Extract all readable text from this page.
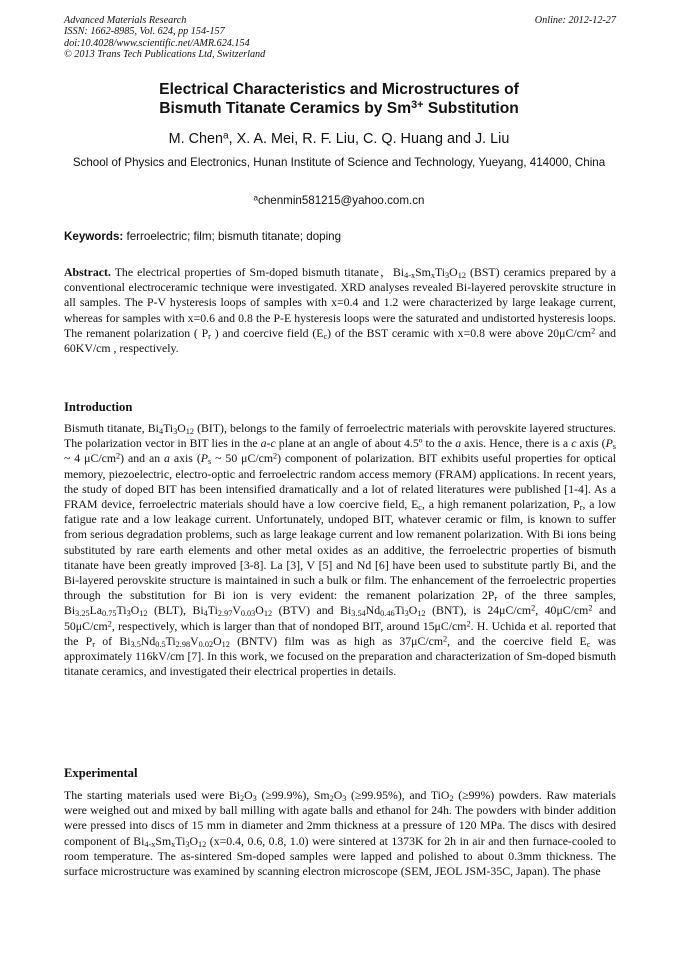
Advanced Materials Research
ISSN: 1662-8985, Vol. 624, pp 154-157
doi:10.4028/www.scientific.net/AMR.624.154
© 2013 Trans Tech Publications Ltd, Switzerland
Online: 2012-12-27
Electrical Characteristics and Microstructures of
Bismuth Titanate Ceramics by $Sm^{3+}$ Substitution
M. Chen$^a$, X. A. Mei, R. F. Liu, C. Q. Huang and J. Liu
School of Physics and Electronics, Hunan Institute of Science and Technology, Yueyang, 414000, China
$^a$chenmin581215@yahoo.com.cn
Keywords: ferroelectric; film; bismuth titanate; doping
Abstract. The electrical properties of Sm-doped bismuth titanate，$Bi_{4-x}Sm_xTi_3O_{12}$ (BST) ceramics prepared by a conventional electroceramic technique were investigated. XRD analyses revealed Bi-layered perovskite structure in all samples. The P-V hysteresis loops of samples with x=0.4 and 1.2 were characterized by large leakage current, whereas for samples with x=0.6 and 0.8 the P-E hysteresis loops were the saturated and undistorted hysteresis loops. The remanent polarization ( $P_r$ ) and coercive field $(E_c)$ of the BST ceramic with x=0.8 were above $20\mu C/cm^2$ and 60KV/cm , respectively.
Introduction
Bismuth titanate, $Bi_4Ti_3O_{12}$ (BIT), belongs to the family of ferroelectric materials with perovskite layered structures. The polarization vector in BIT lies in the a-c plane at an angle of about 4.5º to the a axis. Hence, there is a c axis ($P_s$ ~ 4 $\mu C/cm^2$) and an a axis ($P_s$ ~ 50 $\mu C/cm^2$) component of polarization. BIT exhibits useful properties for optical memory, piezoelectric, electro-optic and ferroelectric random access memory (FRAM) applications. In recent years, the study of doped BIT has been intensified dramatically and a lot of related literatures were published [1-4]. As a FRAM device, ferroelectric materials should have a low coercive field, $E_c$, a high remanent polarization, $P_r$, a low fatigue rate and a low leakage current. Unfortunately, undoped BIT, whatever ceramic or film, is known to suffer from serious degradation problems, such as large leakage current and low remanent polarization. With Bi ions being substituted by rare earth elements and other metal oxides as an additive, the ferroelectric properties of bismuth titanate have been greatly improved [3-8]. La [3], V [5] and Nd [6] have been used to substitute partly Bi, and the Bi-layered perovskite structure is maintained in such a bulk or film. The enhancement of the ferroelectric properties through the substitution for Bi ion is very evident: the remanent polarization $2P_r$ of the three samples, $Bi_{3.25}La_{0.75}Ti_3O_{12}$ (BLT), $Bi_4Ti_{2.97}V_{0.03}O_{12}$ (BTV) and $Bi_{3.54}Nd_{0.46}Ti_3O_{12}$ (BNT), is $24\mu C/cm^2$, $40\mu C/cm^2$ and $50\mu C/cm^2$, respectively, which is larger than that of nondoped BIT, around $15\mu C/cm^2$. H. Uchida et al. reported that the $P_r$ of $Bi_{3.5}Nd_{0.5}Ti_{2.98}V_{0.02}O_{12}$ (BNTV) film was as high as $37\mu C/cm^2$, and the coercive field $E_c$ was approximately 116kV/cm [7]. In this work, we focused on the preparation and characterization of Sm-doped bismuth titanate ceramics, and investigated their electrical properties in details.
Experimental
The starting materials used were $Bi_2O_3$ (≥99.9%), $Sm_2O_3$ (≥99.95%), and TiO$_2$ (≥99%) powders. Raw materials were weighed out and mixed by ball milling with agate balls and ethanol for 24h. The powders with binder addition were pressed into discs of 15 mm in diameter and 2mm thickness at a pressure of 120 MPa. The discs with desired component of $Bi_{4-x}Sm_xTi_3O_{12}$ (x=0.4, 0.6, 0.8, 1.0) were sintered at 1373K for 2h in air and then furnace-cooled to room temperature. The as-sintered Sm-doped samples were lapped and polished to about 0.3mm thickness. The surface microstructure was examined by scanning electron microscope (SEM, JEOL JSM-35C, Japan). The phase
